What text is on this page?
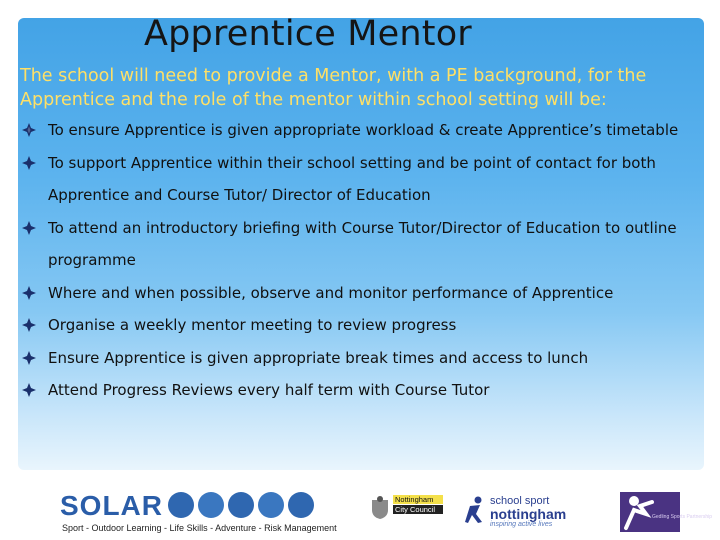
Apprentice Mentor
The school will need to provide a Mentor, with a PE background, for the Apprentice and the role of the mentor within school setting will be:
To ensure Apprentice is given appropriate workload & create Apprentice’s timetable
To support Apprentice within their school setting and be point of contact for both
Apprentice and Course Tutor/ Director of Education
To attend an introductory briefing with Course Tutor/Director of Education to outline
programme
Where and when possible, observe and monitor performance of Apprentice
Organise a weekly mentor meeting to review progress
Ensure Apprentice is given appropriate break times and access to lunch
Attend Progress Reviews every half term with Course Tutor
SOLAR
Sport - Outdoor Learning - Life Skills - Adventure - Risk Management
Nottingham
City Council
school sport
nottingham
inspiring active lives
Gedling Sports Partnership
